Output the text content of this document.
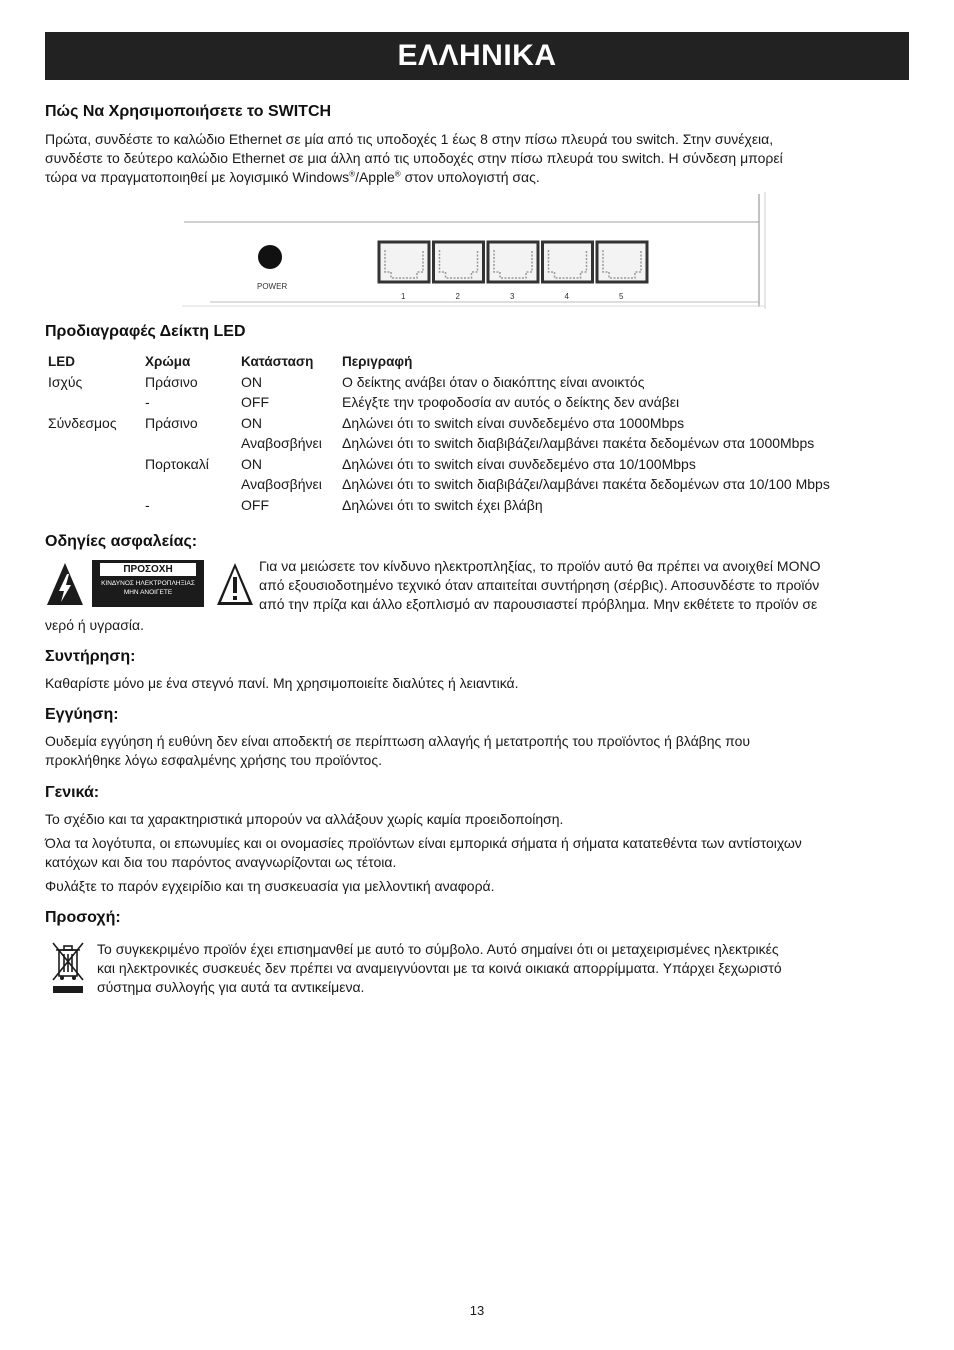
ΕΛΛΗΝΙΚΑ
Πώς Να Χρησιμοποιήσετε το SWITCH

Πρώτα, συνδέστε το καλώδιο Ethernet σε μία από τις υποδοχές 1 έως 8 στην πίσω πλευρά του switch. Στην συνέχεια,

συνδέστε το δεύτερο καλώδιο Ethernet σε μια άλλη από τις υποδοχές στην πίσω πλευρά του switch. Η σύνδεση μπορεί

τώρα να πραγματοποιηθεί με λογισμικό Windows®/Apple® στον υπολογιστή σας.

POWER
1	2	3	4	5
Προδιαγραφές Δείκτη LED
LED	Χρώμα	Κατάσταση	Περιγραφή
Ισχύς	Πράσινο	ON	Ο δείκτης ανάβει όταν ο διακόπτης είναι ανοικτός
	-	OFF	Ελέγξτε την τροφοδοσία αν αυτός ο δείκτης δεν ανάβει
Σύνδεσμος	Πράσινο	ON	Δηλώνει ότι το switch είναι συνδεδεμένο στα 1000Mbps
		Αναβοσβήνει	Δηλώνει ότι το switch διαβιβάζει/λαμβάνει πακέτα δεδομένων στα 1000Mbps
	Πορτοκαλί	ON	Δηλώνει ότι το switch είναι συνδεδεμένο στα 10/100Mbps
		Αναβοσβήνει	Δηλώνει ότι το switch διαβιβάζει/λαμβάνει πακέτα δεδομένων στα 10/100 Mbps
	-	OFF	Δηλώνει ότι το switch έχει βλάβη
Οδηγίες ασφαλείας:
ΠΡΟΣΟΧΗ
ΚΙΝΔΥΝΟΣ ΗΛΕΚΤΡΟΠΛΗΞΙΑΣ
ΜΗΝ ΑΝΟΙΓΕΤΕ

Για να μειώσετε τον κίνδυνο ηλεκτροπληξίας, το προϊόν αυτό θα πρέπει να ανοιχθεί ΜΟΝΟ

από εξουσιοδοτημένο τεχνικό όταν απαιτείται συντήρηση (σέρβις). Αποσυνδέστε το προϊόν

από την πρίζα και άλλο εξοπλισμό αν παρουσιαστεί πρόβλημα. Μην εκθέτετε το προϊόν σε

νερό ή υγρασία.

Συντήρηση:

Καθαρίστε μόνο με ένα στεγνό πανί. Μη χρησιμοποιείτε διαλύτες ή λειαντικά.

Εγγύηση:

Ουδεμία εγγύηση ή ευθύνη δεν είναι αποδεκτή σε περίπτωση αλλαγής ή μετατροπής του προϊόντος ή βλάβης που

προκλήθηκε λόγω εσφαλμένης χρήσης του προϊόντος.

Γενικά:

Το σχέδιο και τα χαρακτηριστικά μπορούν να αλλάξουν χωρίς καμία προειδοποίηση.

Όλα τα λογότυπα, οι επωνυμίες και οι ονομασίες προϊόντων είναι εμπορικά σήματα ή σήματα κατατεθέντα των αντίστοιχων

κατόχων και δια του παρόντος αναγνωρίζονται ως τέτοια.

Φυλάξτε το παρόν εγχειρίδιο και τη συσκευασία για μελλοντική αναφορά.

Προσοχή:

Το συγκεκριμένο προϊόν έχει επισημανθεί με αυτό το σύμβολο. Αυτό σημαίνει ότι οι μεταχειρισμένες ηλεκτρικές

και ηλεκτρονικές συσκευές δεν πρέπει να αναμειγνύονται με τα κοινά οικιακά απορρίμματα. Υπάρχει ξεχωριστό

σύστημα συλλογής για αυτά τα αντικείμενα.

13
